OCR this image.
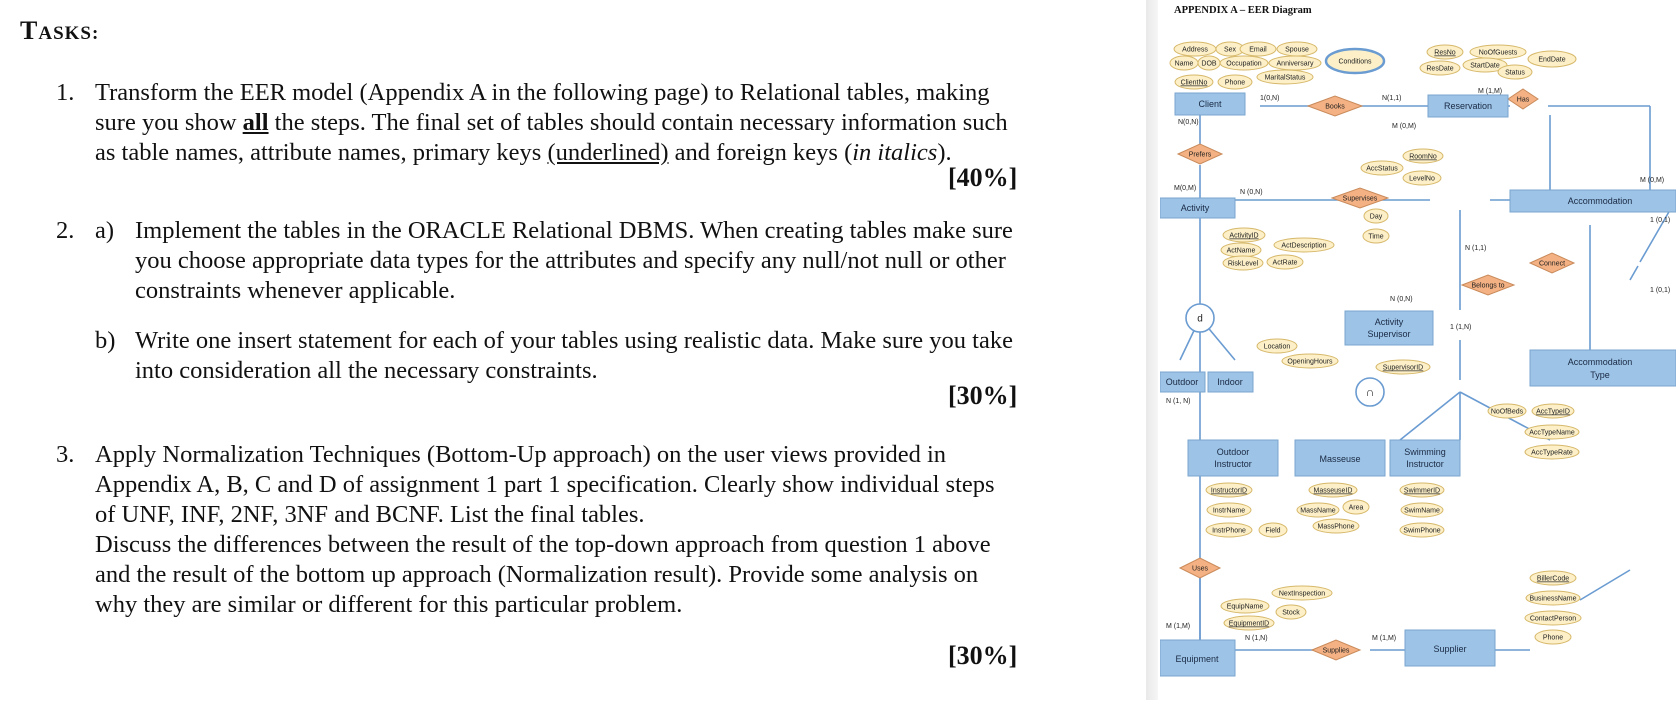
TASKS:
1. Transform the EER model (Appendix A in the following page) to Relational tables, making
sure you show all the steps. The final set of tables should contain necessary information such
as table names, attribute names, primary keys (underlined) and foreign keys (in italics).
[40%]
2. a) Implement the tables in the ORACLE Relational DBMS. When creating tables make sure
you choose appropriate data types for the attributes and specify any null/not null or other
constraints whenever applicable.
b) Write one insert statement for each of your tables using realistic data. Make sure you take
into consideration all the necessary constraints.
[30%]
3. Apply Normalization Techniques (Bottom-Up approach) on the user views provided in
Appendix A, B, C and D of assignment 1 part 1 specification. Clearly show individual steps
of UNF, INF, 2NF, 3NF and BCNF. List the final tables.
Discuss the differences between the result of the top-down approach from question 1 above
and the result of the bottom up approach (Normalization result). Provide some analysis on
why they are similar or different for this particular problem.
[30%]
APPENDIX A – EER Diagram
Address Sex Email	Spouse
Name DOB Occupation Anniversary	Conditions
MaritalStatus
ClientNo Phone
ResNo	NoOfGuests
EndDate
ResDate StartDate
Status
RoomNo
AccStatus
LevelNo
Day
Time
ActivityID
ActName
ActDescription
RiskLevel ActRate
Location
OpeningHours
SupervisorID
NoOfBeds AccTypeID
AccTypeName
AccTypeRate
InstructorID
InstrName
InstrPhone	Field
MasseuseID
MassName Area
MassPhone
SwimmerID
SwimName
SwimPhone
NextInspection
EquipName
Stock
EquipmentID
BillerCode
BusinessName
ContactPerson
Phone
Books
Has
Prefers
Supervises
Connect
Belongs to
Uses
Supplies
Client	Reservation
Activity
Accommodation
Activity
Supervisor
Outdoor Indoor
Accommodation
Type
Outdoor
Instructor	Masseuse
Swimming
Instructor
Equipment
Supplier
d
∩
1(0,N)	N(1,1)
M (1,M)
N(0,N)
M (0,M)
M(0,M)
N (0,N)
M (0,M)
1 (0,1)
N (1,1)
1 (0,1)
N (0,N)
1 (1,N)
N (1, N)
M (1,M)
N (1,N)	M (1,M)
